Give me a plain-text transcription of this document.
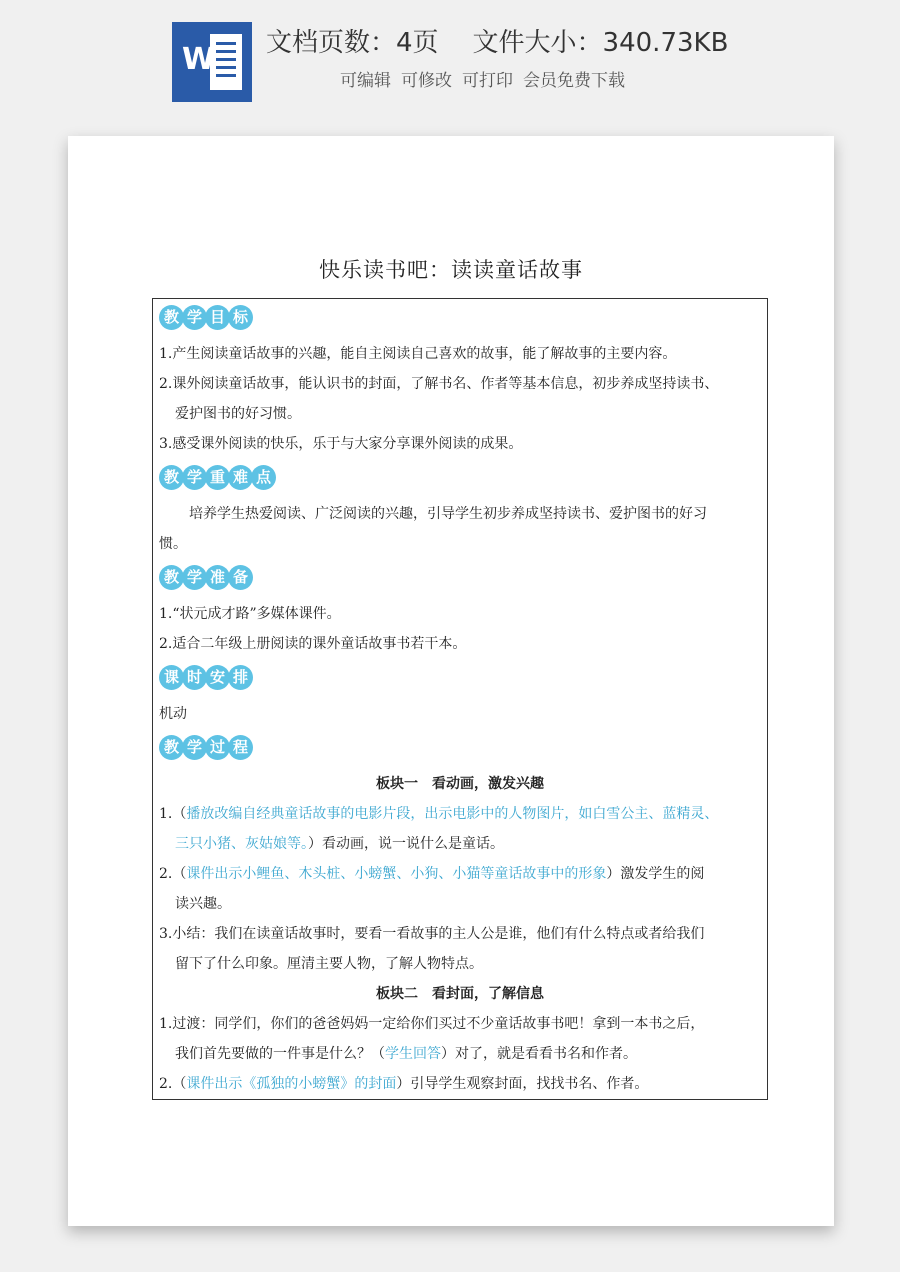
W 文档页数：4页 文件大小：340.73KB
可编辑 可修改 可打印 会员免费下载
快乐读书吧：读读童话故事
教 学 目 标
1.产生阅读童话故事的兴趣，能自主阅读自己喜欢的故事，能了解故事的主要内容。
2.课外阅读童话故事，能认识书的封面，了解书名、作者等基本信息，初步养成坚持读书、
爱护图书的好习惯。
3.感受课外阅读的快乐，乐于与大家分享课外阅读的成果。
教 学 重 难 点
培养学生热爱阅读、广泛阅读的兴趣，引导学生初步养成坚持读书、爱护图书的好习
惯。
教 学 准 备
1.“状元成才路”多媒体课件。
2.适合二年级上册阅读的课外童话故事书若干本。
课 时 安 排
机动
教 学 过 程
板块一　看动画，激发兴趣
1.（播放改编自经典童话故事的电影片段，出示电影中的人物图片，如白雪公主、蓝精灵、
三只小猪、灰姑娘等。）看动画，说一说什么是童话。
2.（课件出示小鲤鱼、木头桩、小螃蟹、小狗、小猫等童话故事中的形象）激发学生的阅
读兴趣。
3.小结：我们在读童话故事时，要看一看故事的主人公是谁，他们有什么特点或者给我们
留下了什么印象。厘清主要人物，了解人物特点。
板块二　看封面，了解信息
1.过渡：同学们，你们的爸爸妈妈一定给你们买过不少童话故事书吧！拿到一本书之后，
我们首先要做的一件事是什么？（学生回答）对了，就是看看书名和作者。
2.（课件出示《孤独的小螃蟹》的封面）引导学生观察封面，找找书名、作者。
